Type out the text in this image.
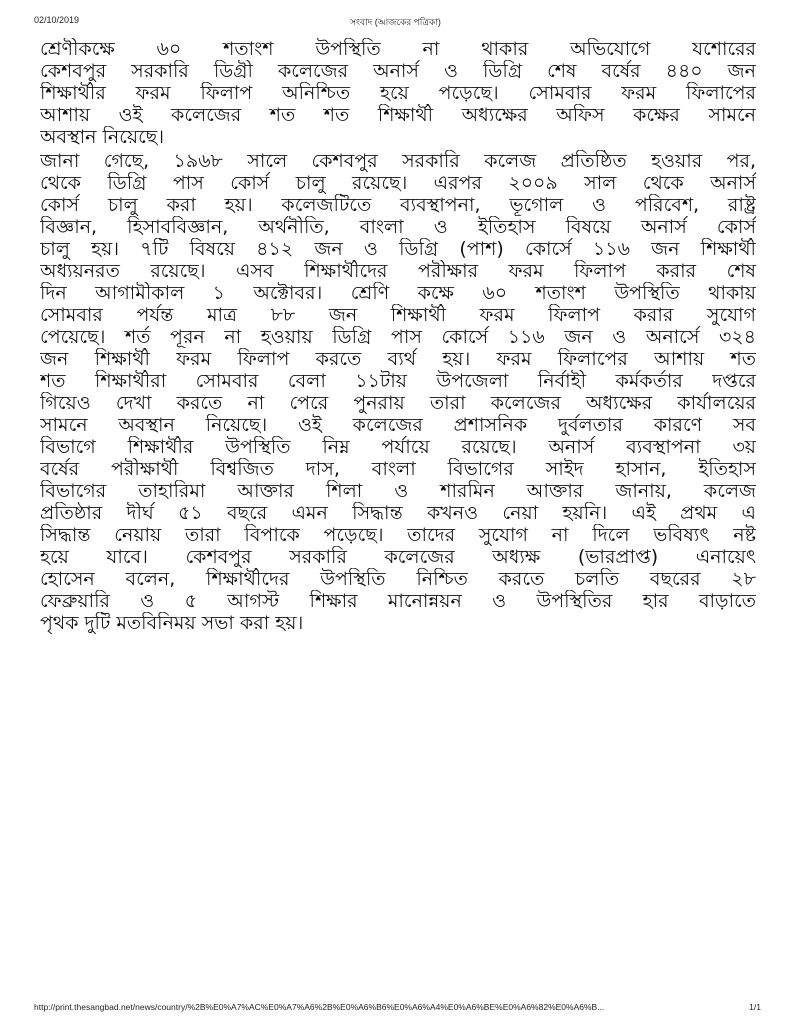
02/10/2019	সংবাদ (আজকের পত্রিকা)
শ্রেণীকক্ষে ৬০ শতাংশ উপস্থিতি না থাকার অভিযোগে যশোরের
কেশবপুর সরকারি ডিগ্রী কলেজের অনার্স ও ডিগ্রি শেষ বর্ষের ৪৪০ জন
শিক্ষার্থীর ফরম ফিলাপ অনিশ্চিত হয়ে পড়েছে। সোমবার ফরম ফিলাপের
আশায় ওই কলেজের শত শত শিক্ষার্থী অধ্যক্ষের অফিস কক্ষের সামনে
অবস্থান নিয়েছে।
জানা গেছে, ১৯৬৮ সালে কেশবপুর সরকারি কলেজ প্রতিষ্ঠিত হওয়ার পর,
থেকে ডিগ্রি পাস কোর্স চালু রয়েছে। এরপর ২০০৯ সাল থেকে অনার্স
কোর্স চালু করা হয়। কলেজটিতে ব্যবস্থাপনা, ভূগোল ও পরিবেশ, রাষ্ট্র
বিজ্ঞান, হিসাববিজ্ঞান, অর্থনীতি, বাংলা ও ইতিহাস বিষয়ে অনার্স কোর্স
চালু হয়। ৭টি বিষয়ে ৪১২ জন ও ডিগ্রি (পাশ) কোর্সে ১১৬ জন শিক্ষার্থী
অধ্যয়নরত রয়েছে। এসব শিক্ষার্থীদের পরীক্ষার ফরম ফিলাপ করার শেষ
দিন আগামীকাল ১ অক্টোবর। শ্রেণি কক্ষে ৬০ শতাংশ উপস্থিতি থাকায়
সোমবার পর্যন্ত মাত্র ৮৮ জন শিক্ষার্থী ফরম ফিলাপ করার সুযোগ
পেয়েছে। শর্ত পূরন না হওয়ায় ডিগ্রি পাস কোর্সে ১১৬ জন ও অনার্সে ৩২৪
জন শিক্ষার্থী ফরম ফিলাপ করতে ব্যর্থ হয়। ফরম ফিলাপের আশায় শত
শত শিক্ষার্থীরা সোমবার বেলা ১১টায় উপজেলা নির্বাহী কর্মকর্তার দপ্তরে
গিয়েও দেখা করতে না পেরে পুনরায় তারা কলেজের অধ্যক্ষের কার্যালয়ের
সামনে অবস্থান নিয়েছে। ওই কলেজের প্রশাসনিক দুর্বলতার কারণে সব
বিভাগে শিক্ষার্থীর উপস্থিতি নিম্ন পর্যায়ে রয়েছে। অনার্স ব্যবস্থাপনা ৩য়
বর্ষের পরীক্ষার্থী বিশ্বজিত দাস, বাংলা বিভাগের সাইদ হাসান, ইতিহাস
বিভাগের তাহারিমা আক্তার শিলা ও শারমিন আক্তার জানায়, কলেজ
প্রতিষ্ঠার দীর্ঘ ৫১ বছরে এমন সিদ্ধান্ত কখনও নেয়া হয়নি। এই প্রথম এ
সিদ্ধান্ত নেয়ায় তারা বিপাকে পড়েছে। তাদের সুযোগ না দিলে ভবিষ্যৎ নষ্ট
হয়ে যাবে। কেশবপুর সরকারি কলেজের অধ্যক্ষ (ভারপ্রাপ্ত) এনায়েৎ
হোসেন বলেন, শিক্ষার্থীদের উপস্থিতি নিশ্চিত করতে চলতি বছরের ২৮
ফেব্রুয়ারি ও ৫ আগস্ট শিক্ষার মানোন্নয়ন ও উপস্থিতির হার বাড়াতে
পৃথক দুটি মতবিনিময় সভা করা হয়।
http://print.thesangbad.net/news/country/%2B%E0%A7%AC%E0%A7%A6%2B%E0%A6%B6%E0%A6%A4%E0%A6%BE%E0%A6%82%E0%A6%B...	1/1
